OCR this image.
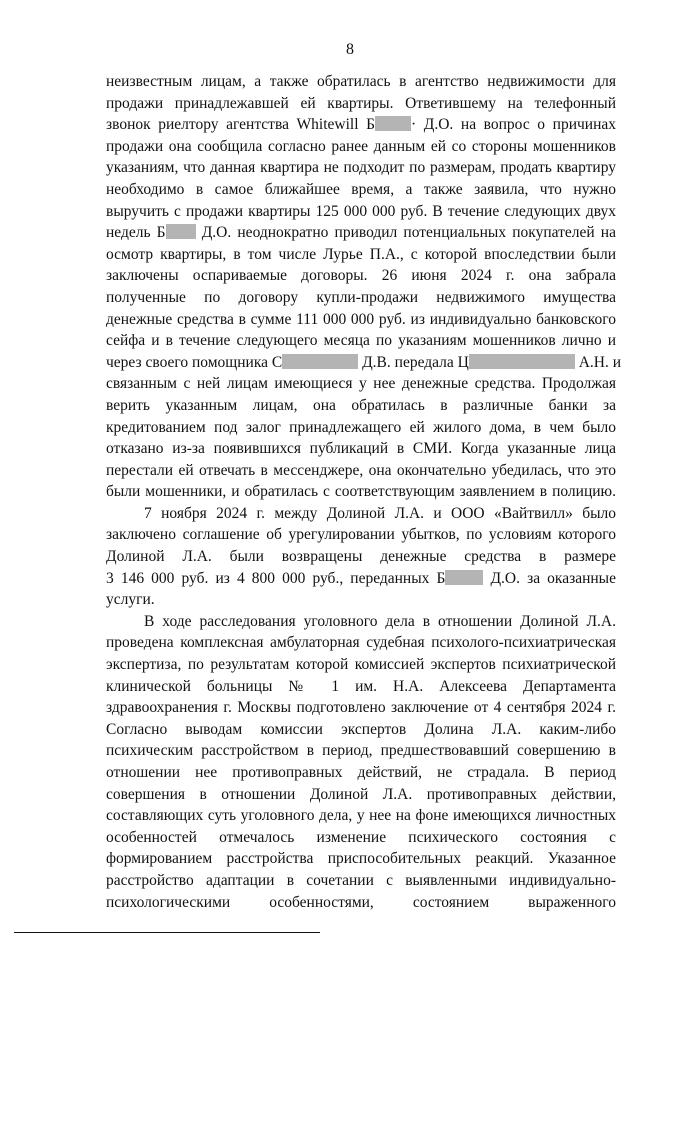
8
неизвестным лицам, а также обратилась в агентство недвижимости для
продажи принадлежавшей ей квартиры. Ответившему на телефонный
звонок риелтору агентства Whitewill Б · Д.О. на вопрос о причинах
продажи она сообщила согласно ранее данным ей со стороны мошенников
указаниям, что данная квартира не подходит по размерам, продать квартиру
необходимо в самое ближайшее время, а также заявила, что нужно
выручить с продажи квартиры 125 000 000 руб. В течение следующих двух
недель Б Д.О. неоднократно приводил потенциальных покупателей на
осмотр квартиры, в том числе Лурье П.А., с которой впоследствии были
заключены оспариваемые договоры. 26 июня 2024 г. она забрала
полученные по договору купли-продажи недвижимого имущества
денежные средства в сумме 111 000 000 руб. из индивидуально банковского
сейфа и в течение следующего месяца по указаниям мошенников лично и
через своего помощника С	Д.В. передала Ц	А.Н. и
связанным с ней лицам имеющиеся у нее денежные средства. Продолжая
верить указанным лицам, она обратилась в различные банки за
кредитованием под залог принадлежащего ей жилого дома, в чем было
отказано из-за появившихся публикаций в СМИ. Когда указанные лица
перестали ей отвечать в мессенджере, она окончательно убедилась, что это
были мошенники, и обратилась с соответствующим заявлением в полицию.
7 ноября 2024 г. между Долиной Л.А. и ООО «Вайтвилл» было
заключено соглашение об урегулировании убытков, по условиям которого
Долиной Л.А. были возвращены денежные средства в размере
3 146 000 руб. из 4 800 000 руб., переданных Б Д.О. за оказанные
услуги.
В ходе расследования уголовного дела в отношении Долиной Л.А.
проведена комплексная амбулаторная судебная психолого-психиатрическая
экспертиза, по результатам которой комиссией экспертов психиатрической
клинической больницы № 1 им. Н.А. Алексеева Департамента
здравоохранения г. Москвы подготовлено заключение от 4 сентября 2024 г.
Согласно выводам комиссии экспертов Долина Л.А. каким-либо
психическим расстройством в период, предшествовавший совершению в
отношении нее противоправных действий, не страдала. В период
совершения в отношении Долиной Л.А. противоправных действии,
составляющих суть уголовного дела, у нее на фоне имеющихся личностных
особенностей отмечалось изменение психического состояния с
формированием расстройства приспособительных реакций. Указанное
расстройство адаптации в сочетании с выявленными индивидуально-
психологическими особенностями, состоянием выраженного
